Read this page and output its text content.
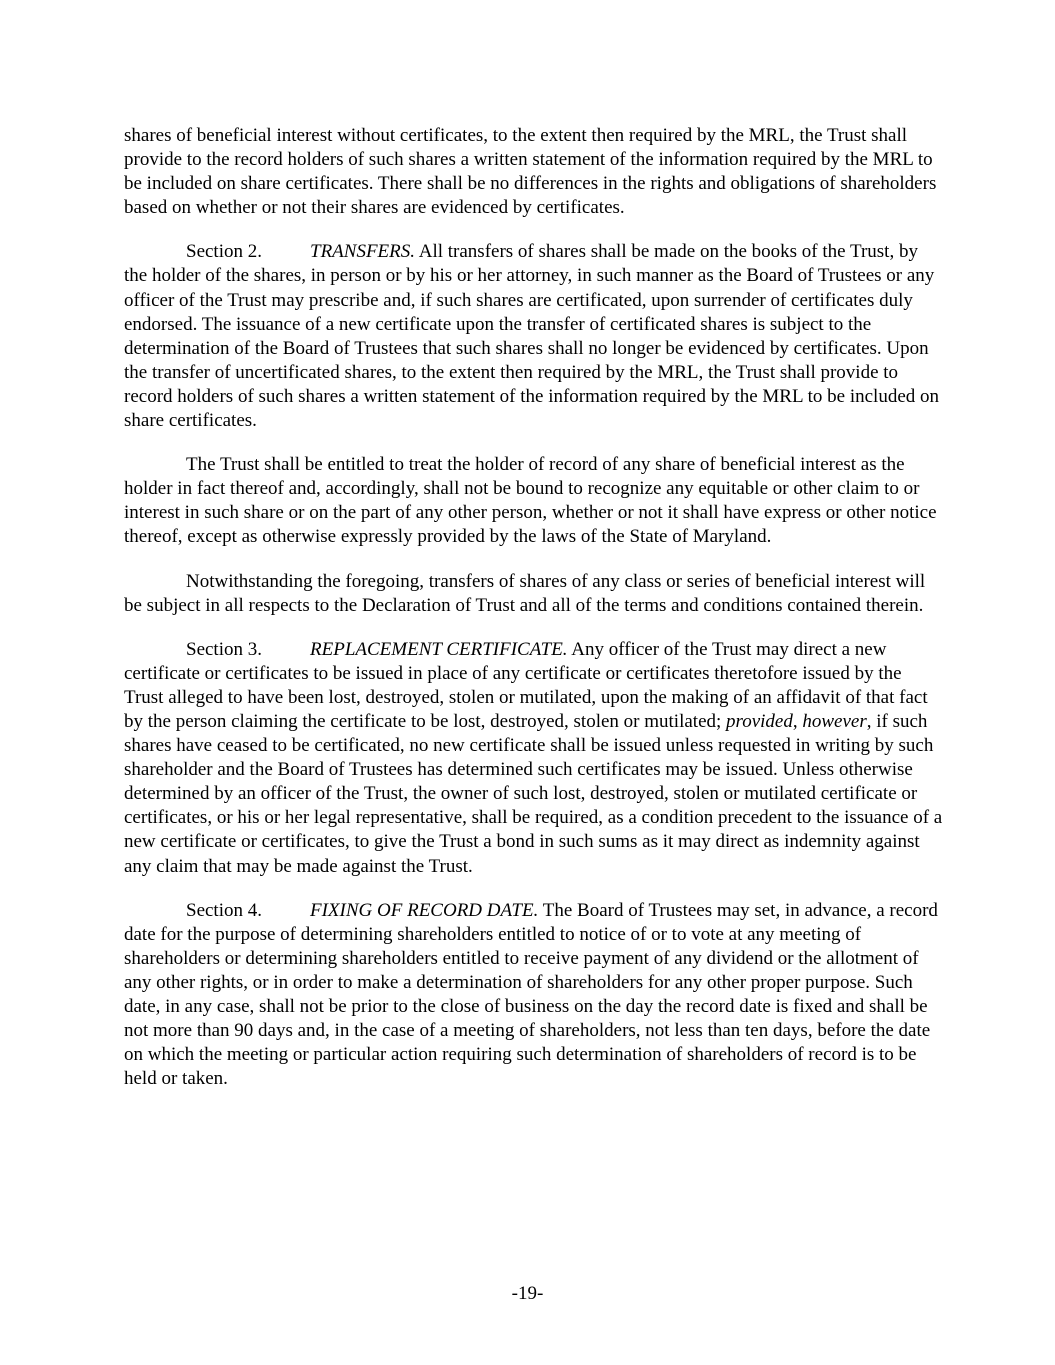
shares of beneficial interest without certificates, to the extent then required by the MRL, the Trust shall provide to the record holders of such shares a written statement of the information required by the MRL to be included on share certificates. There shall be no differences in the rights and obligations of shareholders based on whether or not their shares are evidenced by certificates.

Section 2.	TRANSFERS. All transfers of shares shall be made on the books of the Trust, by the holder of the shares, in person or by his or her attorney, in such manner as the Board of Trustees or any officer of the Trust may prescribe and, if such shares are certificated, upon surrender of certificates duly endorsed. The issuance of a new certificate upon the transfer of certificated shares is subject to the determination of the Board of Trustees that such shares shall no longer be evidenced by certificates. Upon the transfer of uncertificated shares, to the extent then required by the MRL, the Trust shall provide to record holders of such shares a written statement of the information required by the MRL to be included on share certificates.

The Trust shall be entitled to treat the holder of record of any share of beneficial interest as the holder in fact thereof and, accordingly, shall not be bound to recognize any equitable or other claim to or interest in such share or on the part of any other person, whether or not it shall have express or other notice thereof, except as otherwise expressly provided by the laws of the State of Maryland.

Notwithstanding the foregoing, transfers of shares of any class or series of beneficial interest will be subject in all respects to the Declaration of Trust and all of the terms and conditions contained therein.

Section 3.	REPLACEMENT CERTIFICATE. Any officer of the Trust may direct a new certificate or certificates to be issued in place of any certificate or certificates theretofore issued by the Trust alleged to have been lost, destroyed, stolen or mutilated, upon the making of an affidavit of that fact by the person claiming the certificate to be lost, destroyed, stolen or mutilated; provided, however, if such shares have ceased to be certificated, no new certificate shall be issued unless requested in writing by such shareholder and the Board of Trustees has determined such certificates may be issued. Unless otherwise determined by an officer of the Trust, the owner of such lost, destroyed, stolen or mutilated certificate or certificates, or his or her legal representative, shall be required, as a condition precedent to the issuance of a new certificate or certificates, to give the Trust a bond in such sums as it may direct as indemnity against any claim that may be made against the Trust.

Section 4.	FIXING OF RECORD DATE. The Board of Trustees may set, in advance, a record date for the purpose of determining shareholders entitled to notice of or to vote at any meeting of shareholders or determining shareholders entitled to receive payment of any dividend or the allotment of any other rights, or in order to make a determination of shareholders for any other proper purpose. Such date, in any case, shall not be prior to the close of business on the day the record date is fixed and shall be not more than 90 days and, in the case of a meeting of shareholders, not less than ten days, before the date on which the meeting or particular action requiring such determination of shareholders of record is to be held or taken.

-19-
